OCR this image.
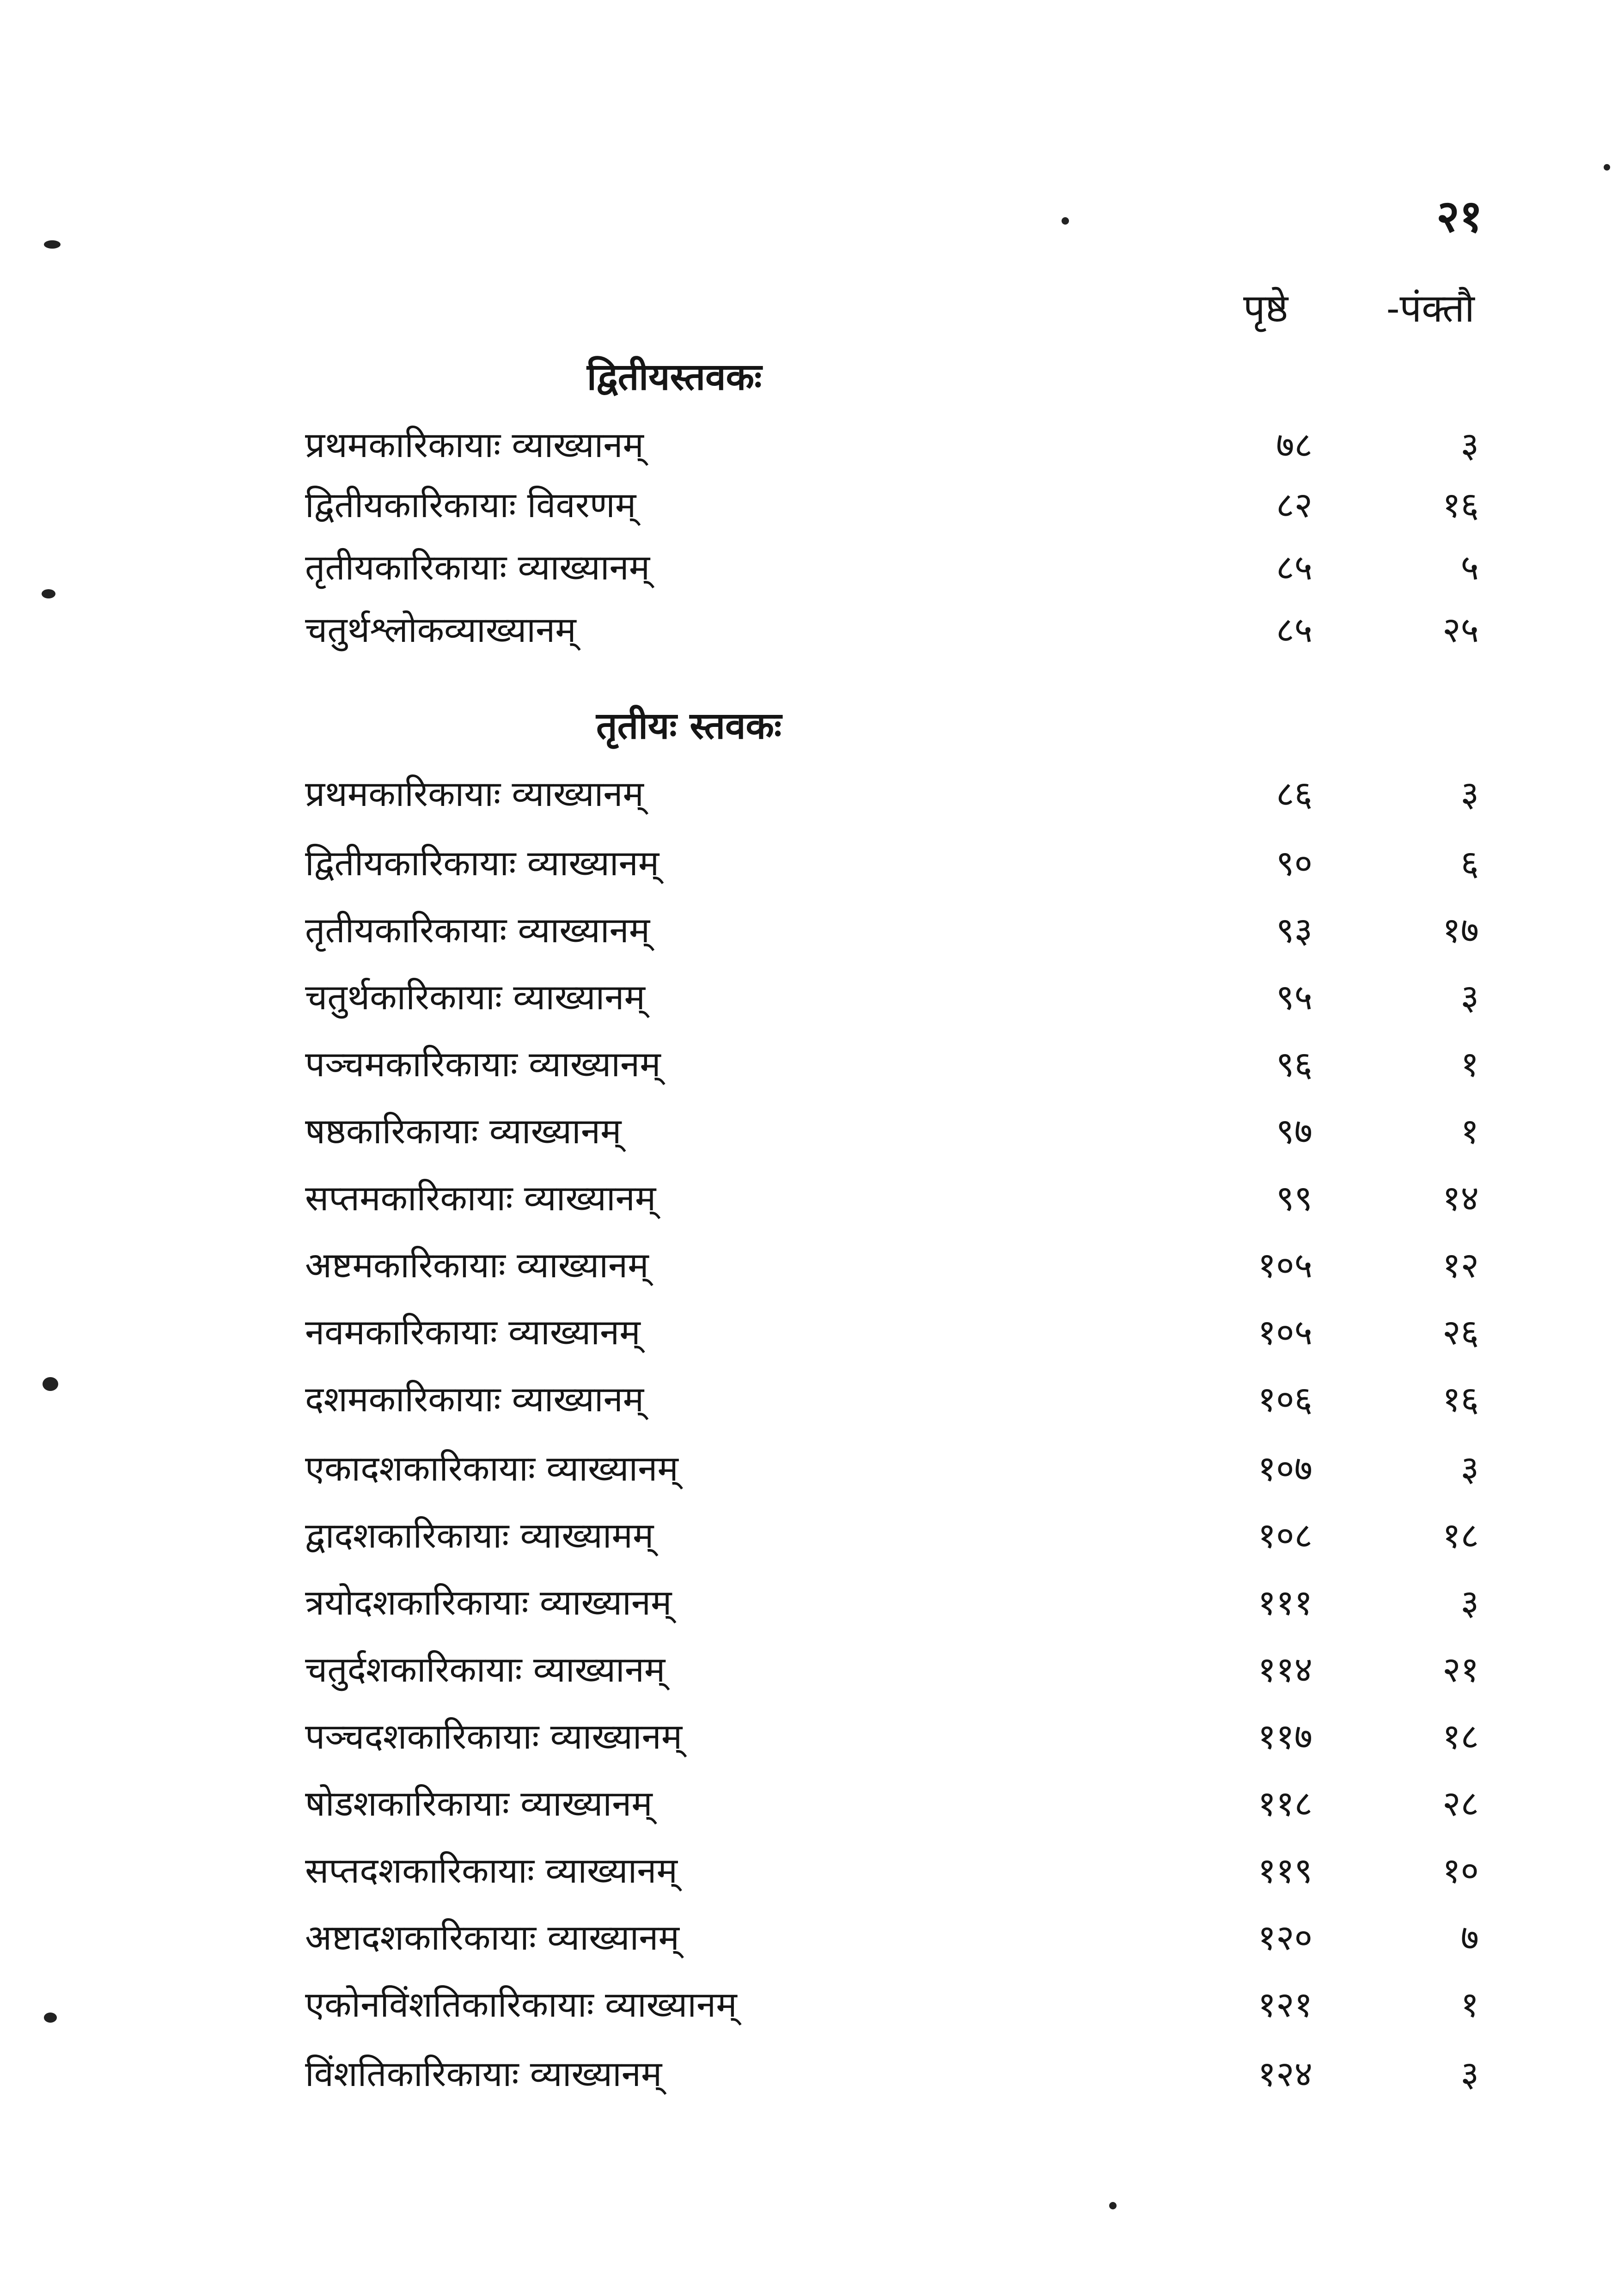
२१
पृष्ठे	-पंक्तौ
द्वितीयस्तवकः
प्रथमकारिकायाः व्याख्यानम्	७८	३
द्वितीयकारिकायाः विवरणम्	८२	१६
तृतीयकारिकायाः व्याख्यानम्	८५	५
चतुर्थश्लोकव्याख्यानम्	८५	२५
तृतीयः स्तवकः
प्रथमकारिकायाः व्याख्यानम्	८६	३
द्वितीयकारिकायाः व्याख्यानम्	९०	६
तृतीयकारिकायाः व्याख्यानम्	९३	१७
चतुर्थकारिकायाः व्याख्यानम्	९५	३
पञ्चमकारिकायाः व्याख्यानम्	९६	१
षष्ठकारिकायाः व्याख्यानम्	९७	१
सप्तमकारिकायाः व्याख्यानम्	९९	१४
अष्टमकारिकायाः व्याख्यानम्	१०५	१२
नवमकारिकायाः व्याख्यानम्	१०५	२६
दशमकारिकायाः व्याख्यानम्	१०६	१६
एकादशकारिकायाः व्याख्यानम्	१०७	३
द्वादशकारिकायाः व्याख्यामम्	१०८	१८
त्रयोदशकारिकायाः व्याख्यानम्	१११	३
चतुर्दशकारिकायाः व्याख्यानम्	११४	२१
पञ्चदशकारिकायाः व्याख्यानम्	११७	१८
षोडशकारिकायाः व्याख्यानम्	११८	२८
सप्तदशकारिकायाः व्याख्यानम्	११९	१०
अष्टादशकारिकायाः व्याख्यानम्	१२०	७
एकोनविंशतिकारिकायाः व्याख्यानम्	१२१	१
विंशतिकारिकायाः व्याख्यानम्	१२४	३
